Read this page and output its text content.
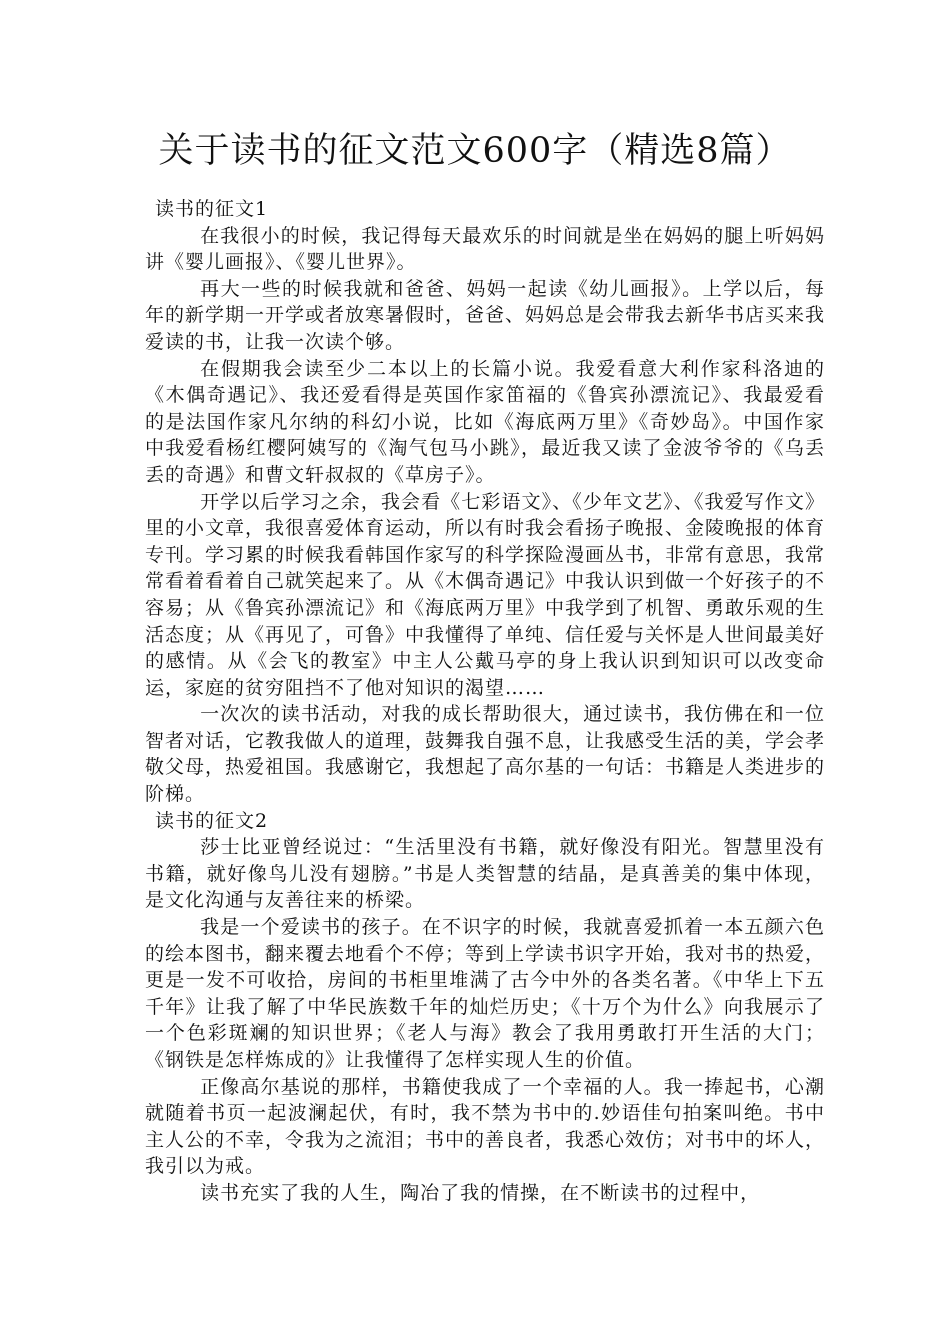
关于读书的征文范文600字（精选8篇）
读书的征文1

在我很小的时候，我记得每天最欢乐的时间就是坐在妈妈的腿上听妈妈讲《婴儿画报》、《婴儿世界》。

再大一些的时候我就和爸爸、妈妈一起读《幼儿画报》。上学以后，每年的新学期一开学或者放寒暑假时，爸爸、妈妈总是会带我去新华书店买来我爱读的书，让我一次读个够。

在假期我会读至少二本以上的长篇小说。我爱看意大利作家科洛迪的《木偶奇遇记》、我还爱看得是英国作家笛福的《鲁宾孙漂流记》、我最爱看的是法国作家凡尔纳的科幻小说，比如《海底两万里》《奇妙岛》。中国作家中我爱看杨红樱阿姨写的《淘气包马小跳》，最近我又读了金波爷爷的《乌丢丢的奇遇》和曹文轩叔叔的《草房子》。

开学以后学习之余，我会看《七彩语文》、《少年文艺》、《我爱写作文》里的小文章，我很喜爱体育运动，所以有时我会看扬子晚报、金陵晚报的体育专刊。学习累的时候我看韩国作家写的科学探险漫画丛书，非常有意思，我常常看着看着自己就笑起来了。从《木偶奇遇记》中我认识到做一个好孩子的不容易；从《鲁宾孙漂流记》和《海底两万里》中我学到了机智、勇敢乐观的生活态度；从《再见了，可鲁》中我懂得了单纯、信任爱与关怀是人世间最美好的感情。从《会飞的教室》中主人公戴马亭的身上我认识到知识可以改变命运，家庭的贫穷阻挡不了他对知识的渴望……

一次次的读书活动，对我的成长帮助很大，通过读书，我仿佛在和一位智者对话，它教我做人的道理，鼓舞我自强不息，让我感受生活的美，学会孝敬父母，热爱祖国。我感谢它，我想起了高尔基的一句话：书籍是人类进步的阶梯。

读书的征文2

莎士比亚曾经说过：“生活里没有书籍，就好像没有阳光。智慧里没有书籍，就好像鸟儿没有翅膀。”书是人类智慧的结晶，是真善美的集中体现，是文化沟通与友善往来的桥梁。

我是一个爱读书的孩子。在不识字的时候，我就喜爱抓着一本五颜六色的绘本图书，翻来覆去地看个不停；等到上学读书识字开始，我对书的热爱，更是一发不可收拾，房间的书柜里堆满了古今中外的各类名著。《中华上下五千年》让我了解了中华民族数千年的灿烂历史；《十万个为什么》向我展示了一个色彩斑斓的知识世界；《老人与海》教会了我用勇敢打开生活的大门；《钢铁是怎样炼成的》让我懂得了怎样实现人生的价值。

正像高尔基说的那样，书籍使我成了一个幸福的人。我一捧起书，心潮就随着书页一起波澜起伏，有时，我不禁为书中的.妙语佳句拍案叫绝。书中主人公的不幸，令我为之流泪；书中的善良者，我悉心效仿；对书中的坏人，我引以为戒。

读书充实了我的人生，陶冶了我的情操，在不断读书的过程中，
